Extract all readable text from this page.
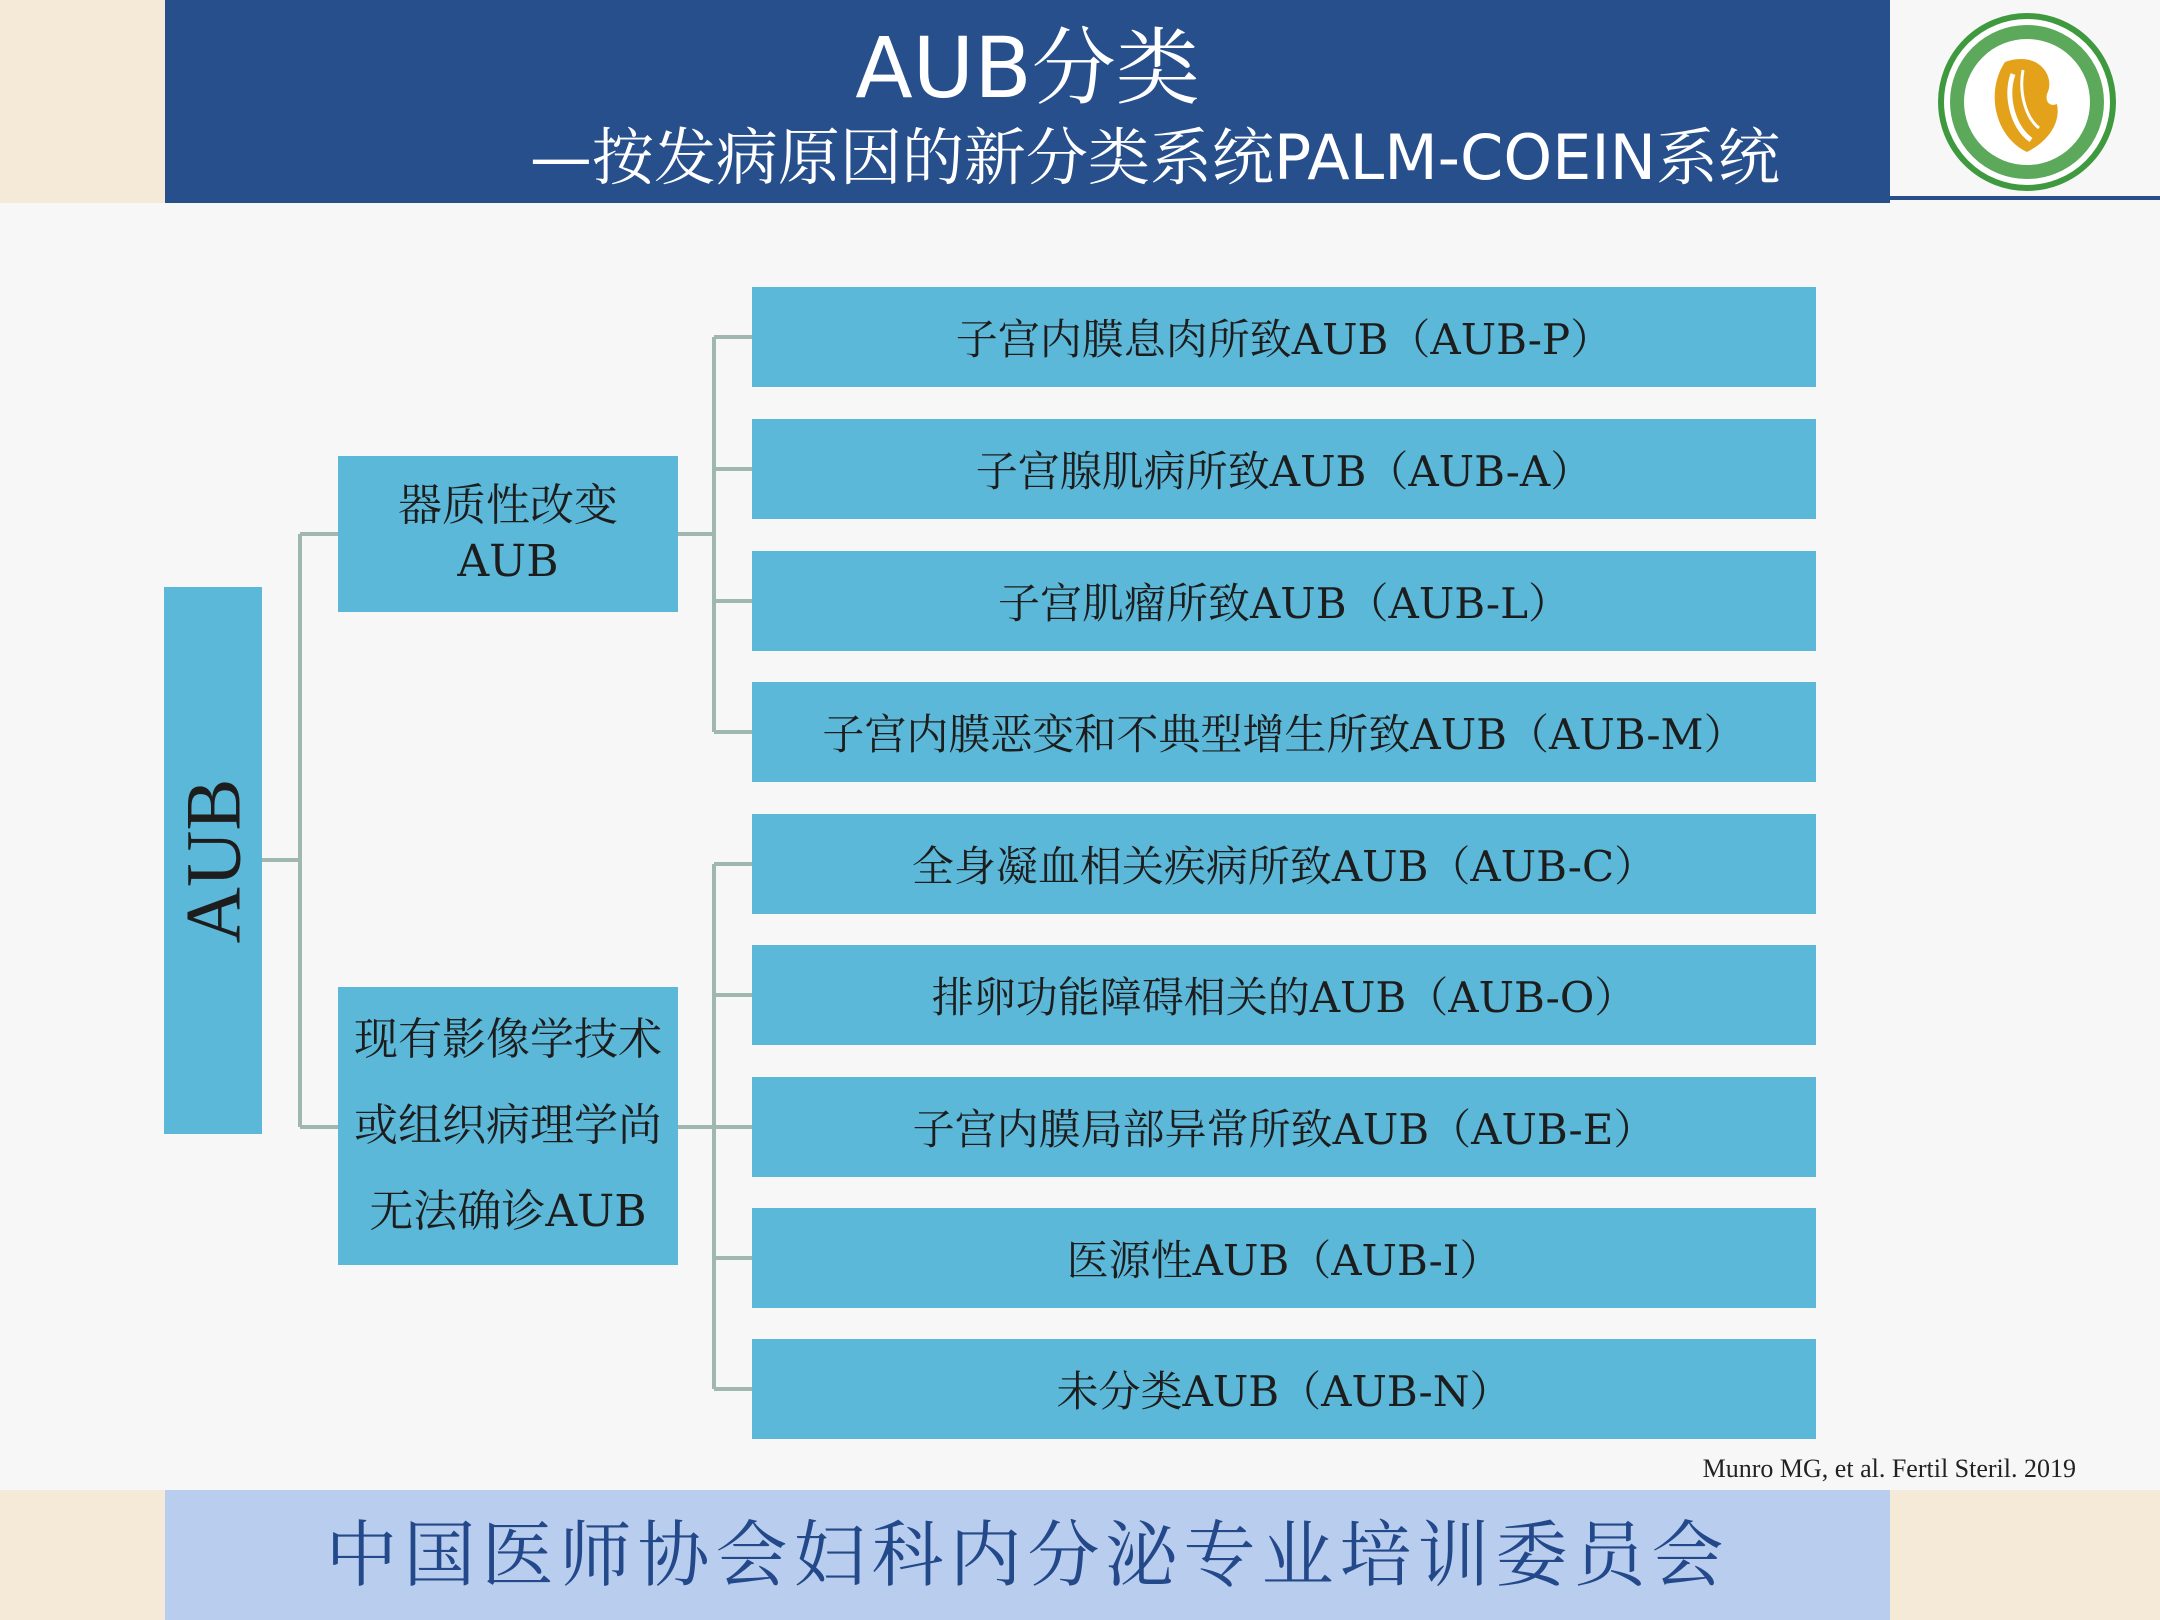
AUB分类
—按发病原因的新分类系统PALM-COEIN系统
AUB
器质性改变
AUB
现有影像学技术
或组织病理学尚
无法确诊AUB
子宫内膜息肉所致AUB（AUB-P）
子宫腺肌病所致AUB（AUB-A）
子宫肌瘤所致AUB（AUB-L）
子宫内膜恶变和不典型增生所致AUB（AUB-M）
全身凝血相关疾病所致AUB（AUB-C）
排卵功能障碍相关的AUB（AUB-O）
子宫内膜局部异常所致AUB（AUB-E）
医源性AUB（AUB-I）
未分类AUB（AUB-N）
Munro MG, et al. Fertil Steril. 2019
中国医师协会妇科内分泌专业培训委员会
